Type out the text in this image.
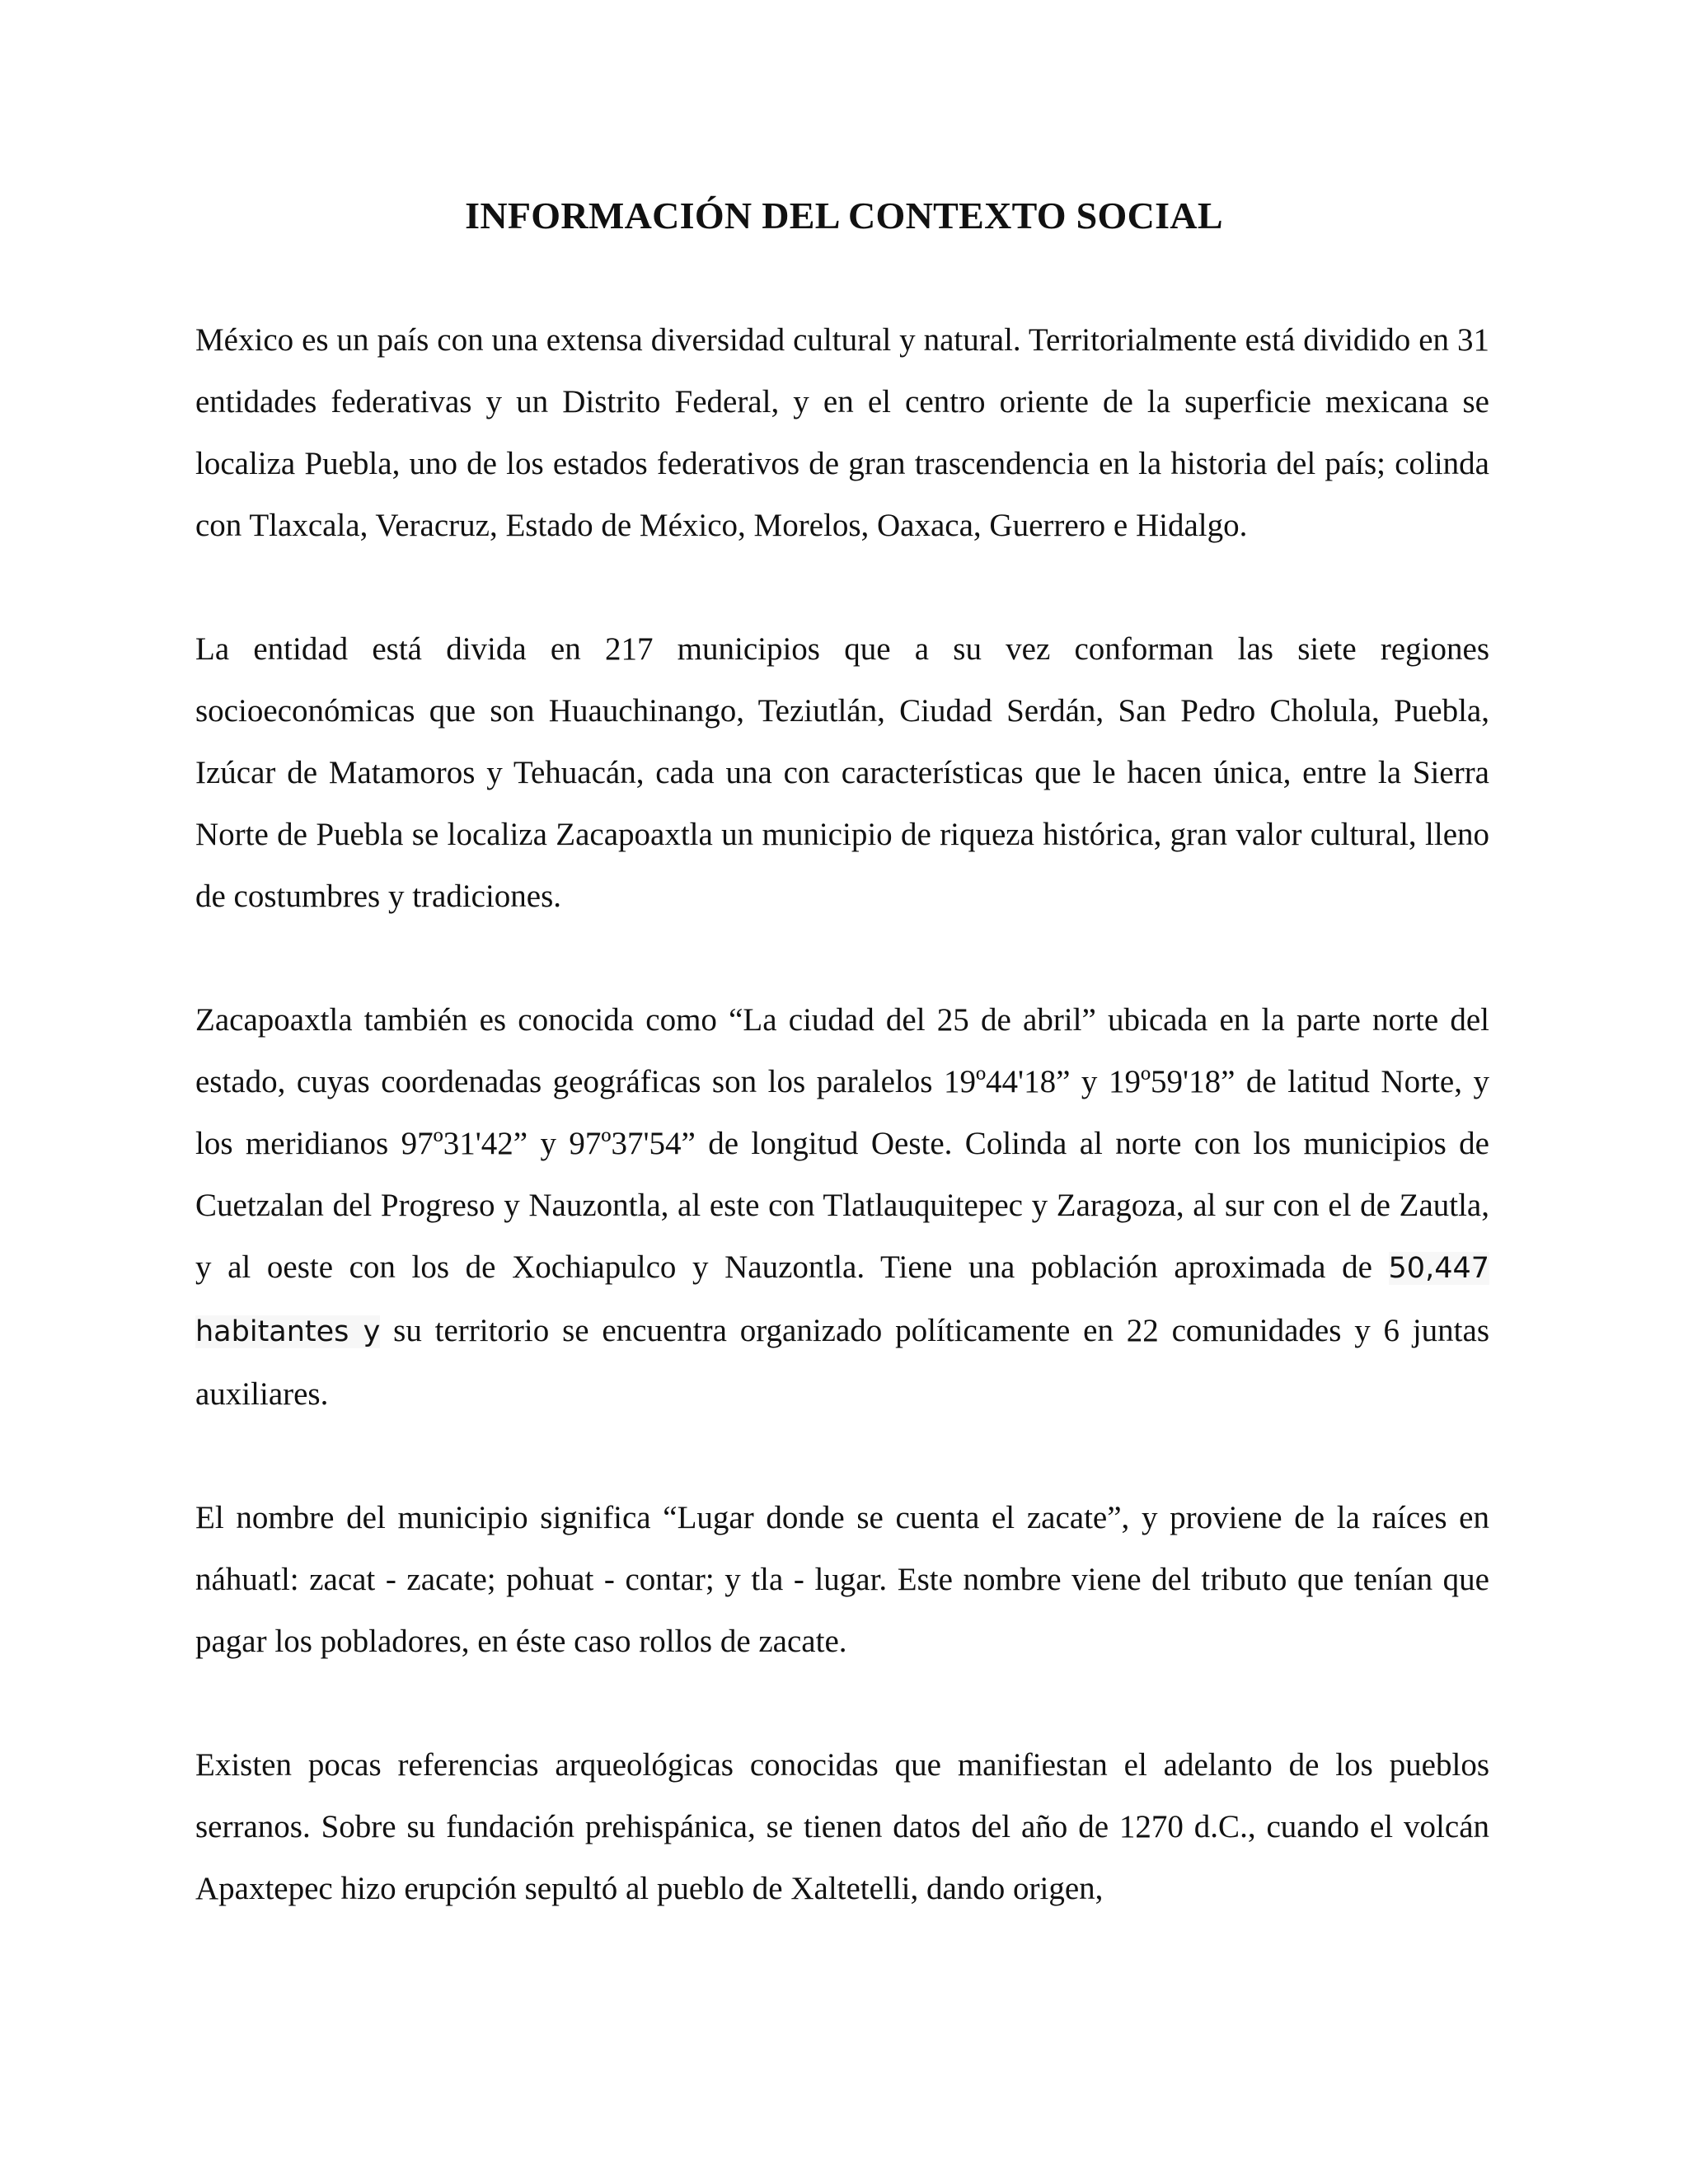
INFORMACIÓN DEL CONTEXTO SOCIAL

México es un país con una extensa diversidad cultural y natural. Territorialmente está dividido en 31 entidades federativas y un Distrito Federal, y en el centro oriente de la superficie mexicana se localiza Puebla, uno de los estados federativos de gran trascendencia en la historia del país; colinda con Tlaxcala, Veracruz, Estado de México, Morelos, Oaxaca, Guerrero e Hidalgo.

La entidad está divida en 217 municipios que a su vez conforman las siete regiones socioeconómicas que son Huauchinango, Teziutlán, Ciudad Serdán, San Pedro Cholula, Puebla, Izúcar de Matamoros y Tehuacán, cada una con características que le hacen única, entre la Sierra Norte de Puebla se localiza Zacapoaxtla un municipio de riqueza histórica, gran valor cultural, lleno de costumbres y tradiciones.

Zacapoaxtla también es conocida como “La ciudad del 25 de abril” ubicada en la parte norte del estado, cuyas coordenadas geográficas son los paralelos 19º44'18” y 19º59'18” de latitud Norte, y los meridianos 97º31'42” y 97º37'54” de longitud Oeste. Colinda al norte con los municipios de Cuetzalan del Progreso y Nauzontla, al este con Tlatlauquitepec y Zaragoza, al sur con el de Zautla, y al oeste con los de Xochiapulco y Nauzontla. Tiene una población aproximada de 50,447 habitantes y su territorio se encuentra organizado políticamente en 22 comunidades y 6 juntas auxiliares.

El nombre del municipio significa “Lugar donde se cuenta el zacate”, y proviene de la raíces en náhuatl: zacat - zacate; pohuat - contar; y tla - lugar. Este nombre viene del tributo que tenían que pagar los pobladores, en éste caso rollos de zacate.

Existen pocas referencias arqueológicas conocidas que manifiestan el adelanto de los pueblos serranos. Sobre su fundación prehispánica, se tienen datos del año de 1270 d.C., cuando el volcán Apaxtepec hizo erupción sepultó al pueblo de Xaltetelli, dando origen,
